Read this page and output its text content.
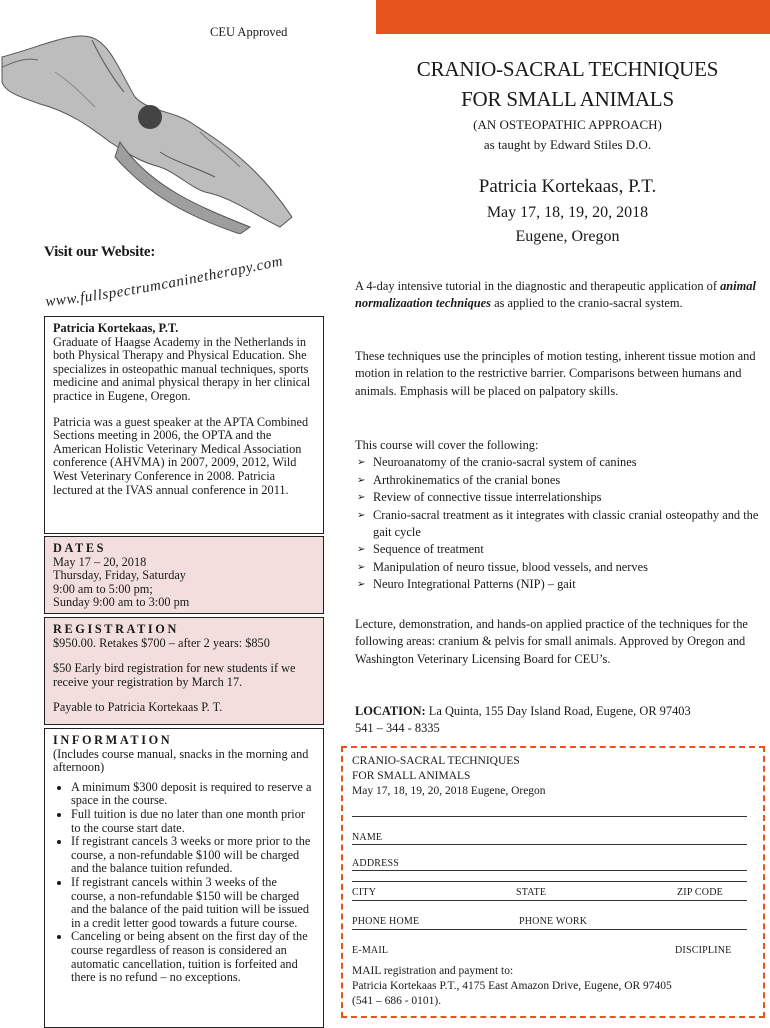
CEU Approved
Visit our Website:
www.fullspectrumcaninetherapy.com
CRANIO-SACRAL TECHNIQUES
FOR SMALL ANIMALS
(AN OSTEOPATHIC APPROACH)
as taught by Edward Stiles D.O.
Patricia Kortekaas, P.T.
May 17, 18, 19, 20, 2018
Eugene, Oregon

Patricia Kortekaas, P.T.

Graduate of Haagse Academy in the Netherlands in both Physical Therapy and Physical Education. She specializes in osteopathic manual techniques, sports medicine and animal physical therapy in her clinical practice in Eugene, Oregon.

Patricia was a guest speaker at the APTA Combined Sections meeting in 2006, the OPTA and the American Holistic Veterinary Medical Association conference (AHVMA) in 2007, 2009, 2012, Wild West Veterinary Conference in 2008. Patricia lectured at the IVAS annual conference in 2011.

DATES

May 17 – 20, 2018

Thursday, Friday, Saturday

9:00 am to 5:00 pm;

Sunday 9:00 am to 3:00 pm

REGISTRATION

$950.00. Retakes $700 – after 2 years: $850

$50 Early bird registration for new students if we receive your registration by March 17.

Payable to Patricia Kortekaas P. T.

INFORMATION

(Includes course manual, snacks in the morning and afternoon)

• A minimum $300 deposit is required to reserve a space in the course.
• Full tuition is due no later than one month prior to the course start date.
• If registrant cancels 3 weeks or more prior to the course, a non-refundable $100 will be charged and the balance tuition refunded.
• If registrant cancels within 3 weeks of the course, a non-refundable $150 will be charged and the balance of the paid tuition will be issued in a credit letter good towards a future course.
• Canceling or being absent on the first day of the course regardless of reason is considered an automatic cancellation, tuition is forfeited and there is no refund – no exceptions.
A 4-day intensive tutorial in the diagnostic and therapeutic application of animal normalizaation techniques as applied to the cranio-sacral system.
These techniques use the principles of motion testing, inherent tissue motion and motion in relation to the restrictive barrier. Comparisons between humans and animals. Emphasis will be placed on palpatory skills.

This course will cover the following:

➢ Neuroanatomy of the cranio-sacral system of canines
➢ Arthrokinematics of the cranial bones
➢ Review of connective tissue interrelationships
➢ Cranio-sacral treatment as it integrates with classic cranial osteopathy and the gait cycle
➢ Sequence of treatment
➢ Manipulation of neuro tissue, blood vessels, and nerves
➢ Neuro Integrational Patterns (NIP) – gait
Lecture, demonstration, and hands-on applied practice of the techniques for the following areas: cranium & pelvis for small animals. Approved by Oregon and Washington Veterinary Licensing Board for CEU’s.
LOCATION: La Quinta, 155 Day Island Road, Eugene, OR 97403
541 – 344 - 8335
CRANIO-SACRAL TECHNIQUES
FOR SMALL ANIMALS
May 17, 18, 19, 20, 2018 Eugene, Oregon
NAME
ADDRESS
CITY	STATE	ZIP CODE
PHONE HOME	PHONE WORK
E-MAIL	DISCIPLINE
MAIL registration and payment to:
Patricia Kortekaas P.T., 4175 East Amazon Drive, Eugene, OR 97405
(541 – 686 - 0101).
